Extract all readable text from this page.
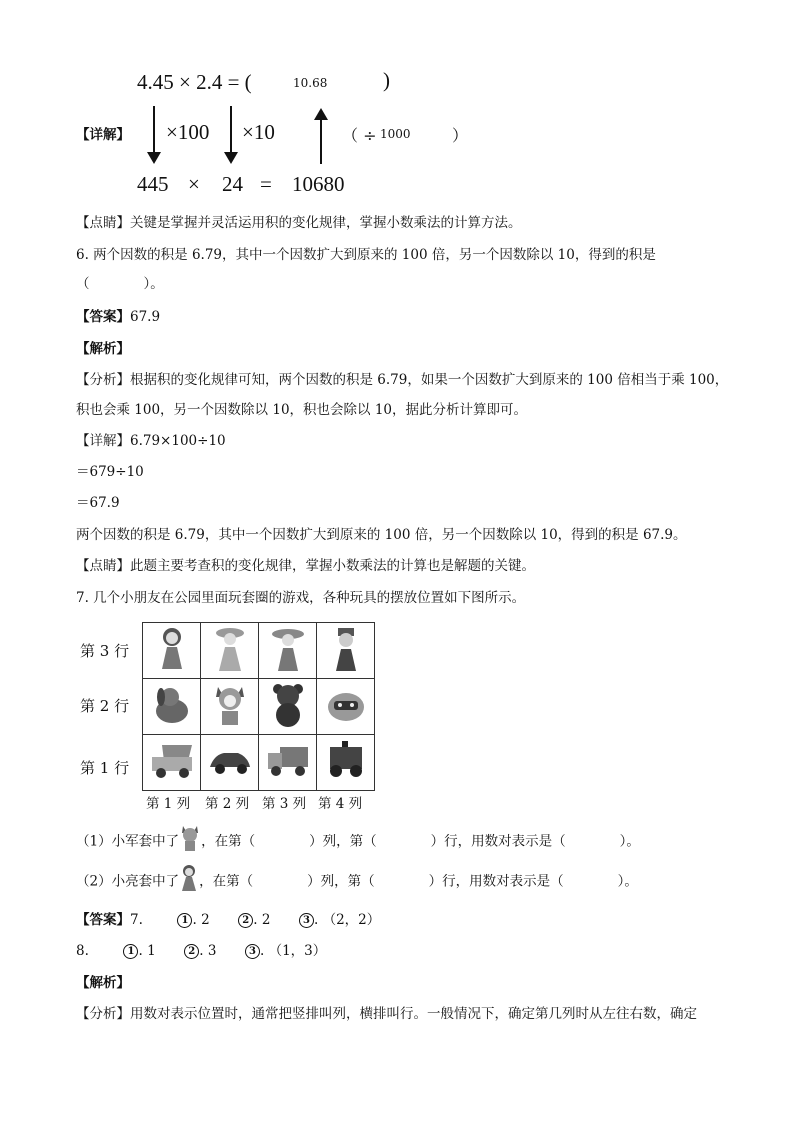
4.45 × 2.4 = (	10.68	)
【详解】 ×100 ×10	（ ÷ 1000	）
445 × 24 = 10680
【点睛】关键是掌握并灵活运用积的变化规律，掌握小数乘法的计算方法。
6. 两个因数的积是 6.79，其中一个因数扩大到原来的 100 倍，另一个因数除以 10，得到的积是
（　　　　）。
【答案】67.9
【解析】
【分析】根据积的变化规律可知，两个因数的积是 6.79，如果一个因数扩大到原来的 100 倍相当于乘 100，
积也会乘 100，另一个因数除以 10，积也会除以 10，据此分析计算即可。
【详解】6.79×100÷10
＝679÷10
＝67.9
两个因数的积是 6.79，其中一个因数扩大到原来的 100 倍，另一个因数除以 10，得到的积是 67.9。
【点睛】此题主要考查积的变化规律，掌握小数乘法的计算也是解题的关键。
7. 几个小朋友在公园里面玩套圈的游戏，各种玩具的摆放位置如下图所示。
第 3 行
第 2 行
第 1 行

第 1 列 第 2 列 第 3 列 第 4 列
（1）小军套中了 ，在第（　　　　）列，第（　　　　）行，用数对表示是（　　　　）。
（2）小亮套中了 ，在第（　　　　）列，第（　　　　）行，用数对表示是（　　　　）。
【答案】7.	1 . 2	2 . 2	3 . （2，2）
8.	1 . 1	2 . 3	3 . （1，3）
【解析】
【分析】用数对表示位置时，通常把竖排叫列，横排叫行。一般情况下，确定第几列时从左往右数，确定
